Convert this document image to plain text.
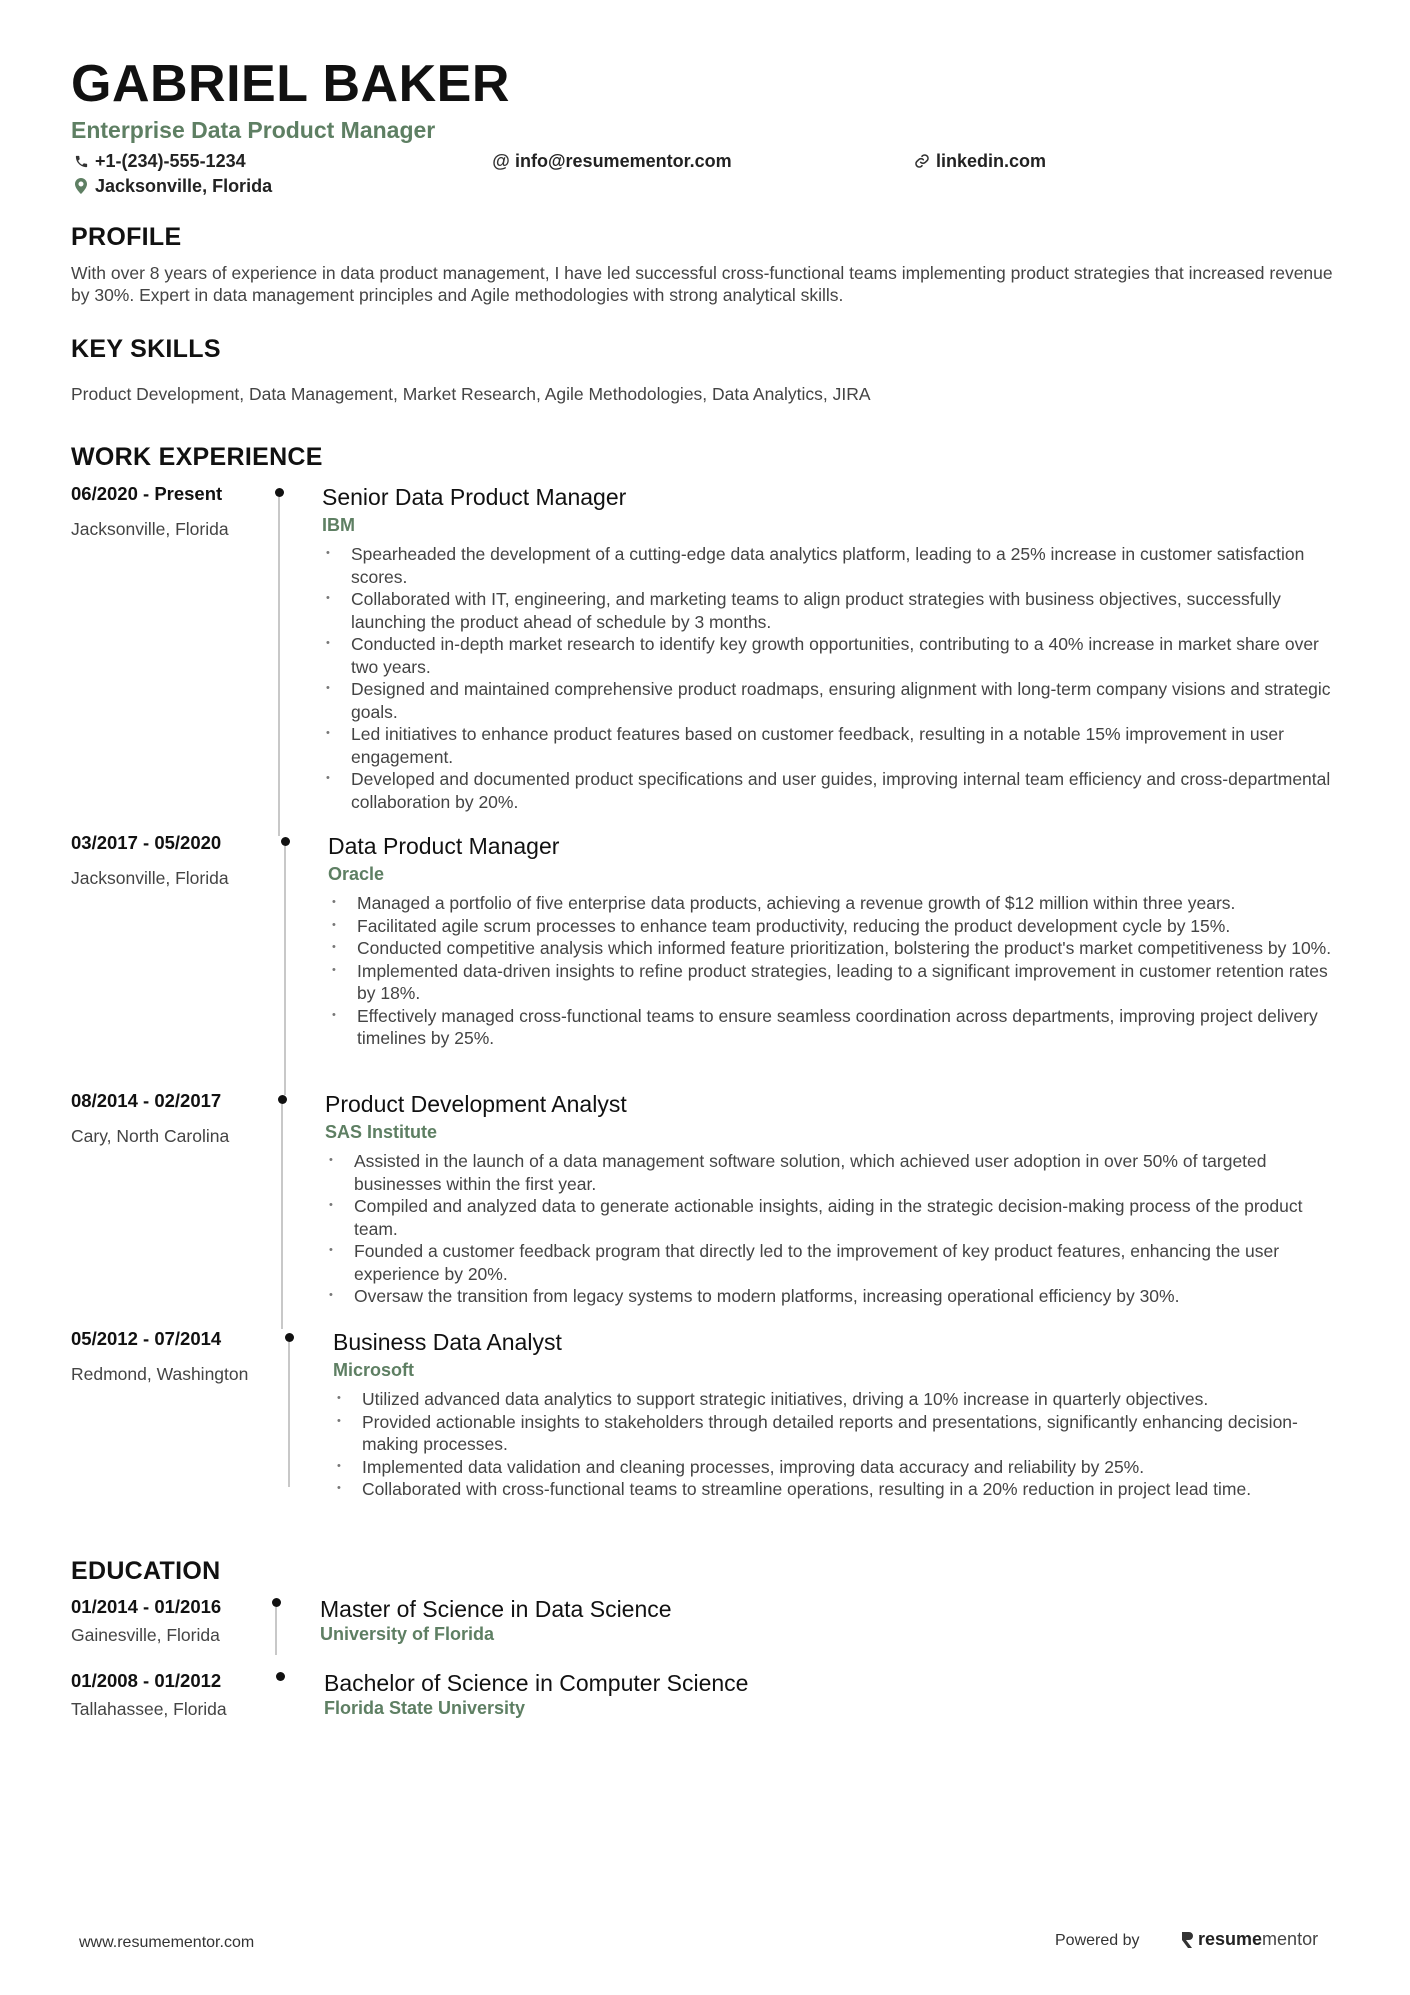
GABRIEL BAKER
Enterprise Data Product Manager
+1-(234)-555-1234	@ info@resumementor.com	linkedin.com
Jacksonville, Florida
PROFILE
With over 8 years of experience in data product management, I have led successful cross-functional teams implementing product strategies that increased revenue by 30%. Expert in data management principles and Agile methodologies with strong analytical skills.
KEY SKILLS
Product Development, Data Management, Market Research, Agile Methodologies, Data Analytics, JIRA
WORK EXPERIENCE
06/2020 - Present
Jacksonville, Florida
Senior Data Product Manager
IBM
• Spearheaded the development of a cutting-edge data analytics platform, leading to a 25% increase in customer satisfaction scores.
• Collaborated with IT, engineering, and marketing teams to align product strategies with business objectives, successfully launching the product ahead of schedule by 3 months.
• Conducted in-depth market research to identify key growth opportunities, contributing to a 40% increase in market share over two years.
• Designed and maintained comprehensive product roadmaps, ensuring alignment with long-term company visions and strategic goals.
• Led initiatives to enhance product features based on customer feedback, resulting in a notable 15% improvement in user engagement.
• Developed and documented product specifications and user guides, improving internal team efficiency and cross-departmental collaboration by 20%.
03/2017 - 05/2020
Jacksonville, Florida
Data Product Manager
Oracle
• Managed a portfolio of five enterprise data products, achieving a revenue growth of $12 million within three years.
• Facilitated agile scrum processes to enhance team productivity, reducing the product development cycle by 15%.
• Conducted competitive analysis which informed feature prioritization, bolstering the product's market competitiveness by 10%.
• Implemented data-driven insights to refine product strategies, leading to a significant improvement in customer retention rates by 18%.
• Effectively managed cross-functional teams to ensure seamless coordination across departments, improving project delivery timelines by 25%.
08/2014 - 02/2017
Cary, North Carolina
Product Development Analyst
SAS Institute
• Assisted in the launch of a data management software solution, which achieved user adoption in over 50% of targeted businesses within the first year.
• Compiled and analyzed data to generate actionable insights, aiding in the strategic decision-making process of the product team.
• Founded a customer feedback program that directly led to the improvement of key product features, enhancing the user experience by 20%.
• Oversaw the transition from legacy systems to modern platforms, increasing operational efficiency by 30%.
05/2012 - 07/2014
Redmond, Washington
Business Data Analyst
Microsoft
• Utilized advanced data analytics to support strategic initiatives, driving a 10% increase in quarterly objectives.
• Provided actionable insights to stakeholders through detailed reports and presentations, significantly enhancing decision-making processes.
• Implemented data validation and cleaning processes, improving data accuracy and reliability by 25%.
• Collaborated with cross-functional teams to streamline operations, resulting in a 20% reduction in project lead time.
EDUCATION
01/2014 - 01/2016
Gainesville, Florida
Master of Science in Data Science
University of Florida
01/2008 - 01/2012
Tallahassee, Florida
Bachelor of Science in Computer Science
Florida State University
www.resumementor.com	Powered by	resume mentor
